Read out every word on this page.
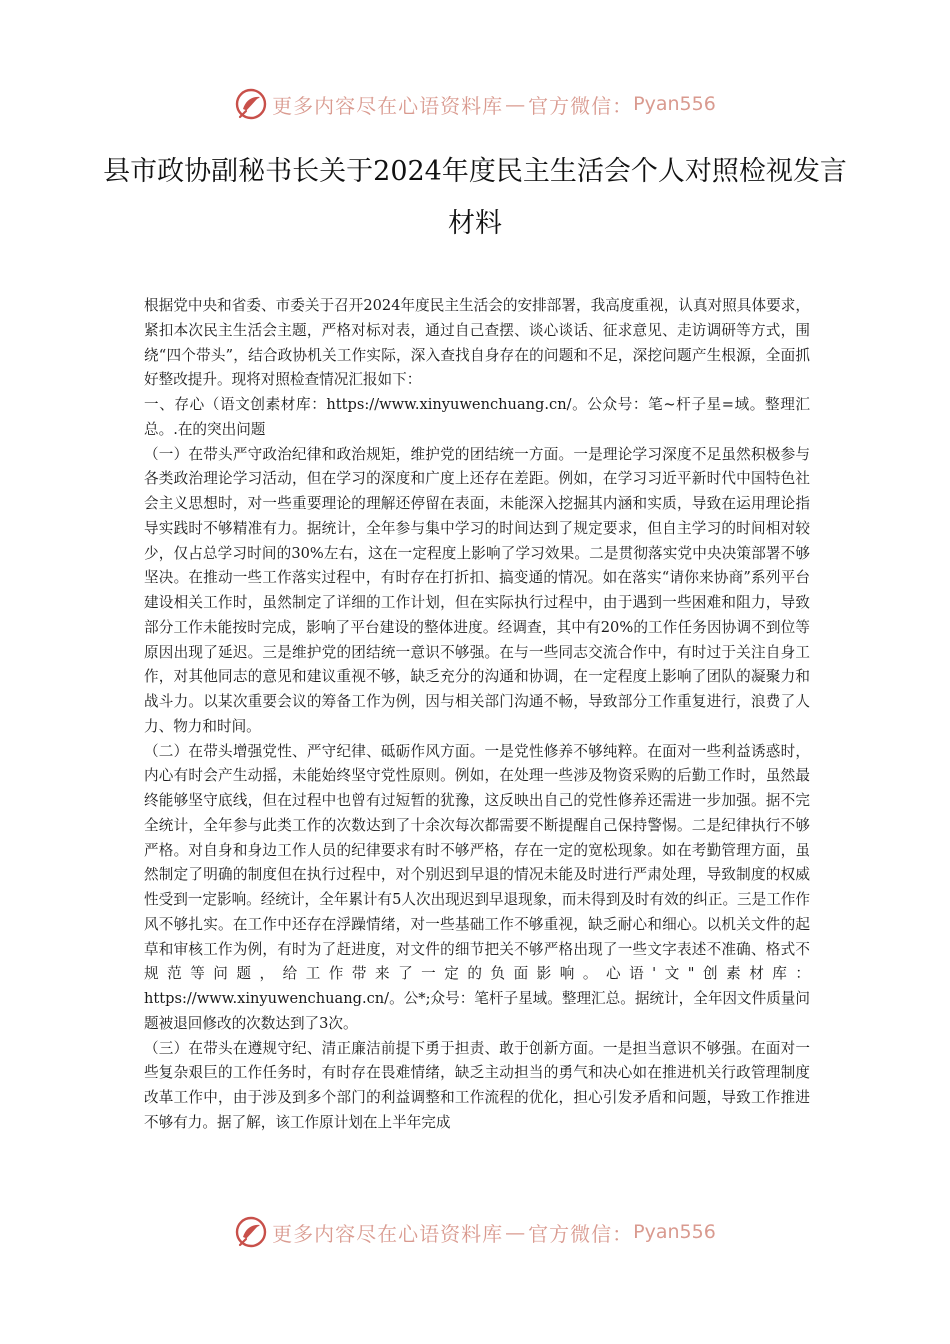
更多内容尽在心语资料库 — 官方微信： Pyan556
县市政协副秘书长关于2024年度民主生活会个人对照检视发言材料

根据党中央和省委、市委关于召开2024年度民主生活会的安排部署，我高度重视，认真对照具体要求，紧扣本次民主生活会主题，严格对标对表，通过自己查摆、谈心谈话、征求意见、走访调研等方式，围绕“四个带头”，结合政协机关工作实际，深入查找自身存在的问题和不足，深挖问题产生根源，全面抓好整改提升。现将对照检查情况汇报如下：

一、存心（语文创素材库：https://www.xinyuwenchuang.cn/。公众号：笔~杆子星=域。整理汇总。.在的突出问题

（一）在带头严守政治纪律和政治规矩，维护党的团结统一方面。一是理论学习深度不足虽然积极参与各类政治理论学习活动，但在学习的深度和广度上还存在差距。例如，在学习习近平新时代中国特色社会主义思想时，对一些重要理论的理解还停留在表面，未能深入挖掘其内涵和实质，导致在运用理论指导实践时不够精准有力。据统计，全年参与集中学习的时间达到了规定要求，但自主学习的时间相对较少，仅占总学习时间的30%左右，这在一定程度上影响了学习效果。二是贯彻落实党中央决策部署不够坚决。在推动一些工作落实过程中，有时存在打折扣、搞变通的情况。如在落实“请你来协商”系列平台建设相关工作时，虽然制定了详细的工作计划，但在实际执行过程中，由于遇到一些困难和阻力，导致部分工作未能按时完成，影响了平台建设的整体进度。经调查，其中有20%的工作任务因协调不到位等原因出现了延迟。三是维护党的团结统一意识不够强。在与一些同志交流合作中，有时过于关注自身工作，对其他同志的意见和建议重视不够，缺乏充分的沟通和协调，在一定程度上影响了团队的凝聚力和战斗力。以某次重要会议的筹备工作为例，因与相关部门沟通不畅，导致部分工作重复进行，浪费了人力、物力和时间。

（二）在带头增强党性、严守纪律、砥砺作风方面。一是党性修养不够纯粹。在面对一些利益诱惑时，内心有时会产生动摇，未能始终坚守党性原则。例如，在处理一些涉及物资采购的后勤工作时，虽然最终能够坚守底线，但在过程中也曾有过短暂的犹豫，这反映出自己的党性修养还需进一步加强。据不完全统计，全年参与此类工作的次数达到了十余次每次都需要不断提醒自己保持警惕。二是纪律执行不够严格。对自身和身边工作人员的纪律要求有时不够严格，存在一定的宽松现象。如在考勤管理方面，虽然制定了明确的制度但在执行过程中，对个别迟到早退的情况未能及时进行严肃处理，导致制度的权威性受到一定影响。经统计，全年累计有5人次出现迟到早退现象，而未得到及时有效的纠正。三是工作作风不够扎实。在工作中还存在浮躁情绪，对一些基础工作不够重视，缺乏耐心和细心。以机关文件的起草和审核工作为例，有时为了赶进度，对文件的细节把关不够严格出现了一些文字表述不准确、格式不规范等问题，给工作带来了一定的负面影响。心语'文"创素材库：https://www.xinyuwenchuang.cn/。公*;众号：笔杆子星域。整理汇总。据统计，全年因文件质量问题被退回修改的次数达到了3次。

（三）在带头在遵规守纪、清正廉洁前提下勇于担责、敢于创新方面。一是担当意识不够强。在面对一些复杂艰巨的工作任务时，有时存在畏难情绪，缺乏主动担当的勇气和决心如在推进机关行政管理制度改革工作中，由于涉及到多个部门的利益调整和工作流程的优化，担心引发矛盾和问题，导致工作推进不够有力。据了解，该工作原计划在上半年完成

更多内容尽在心语资料库 — 官方微信： Pyan556
